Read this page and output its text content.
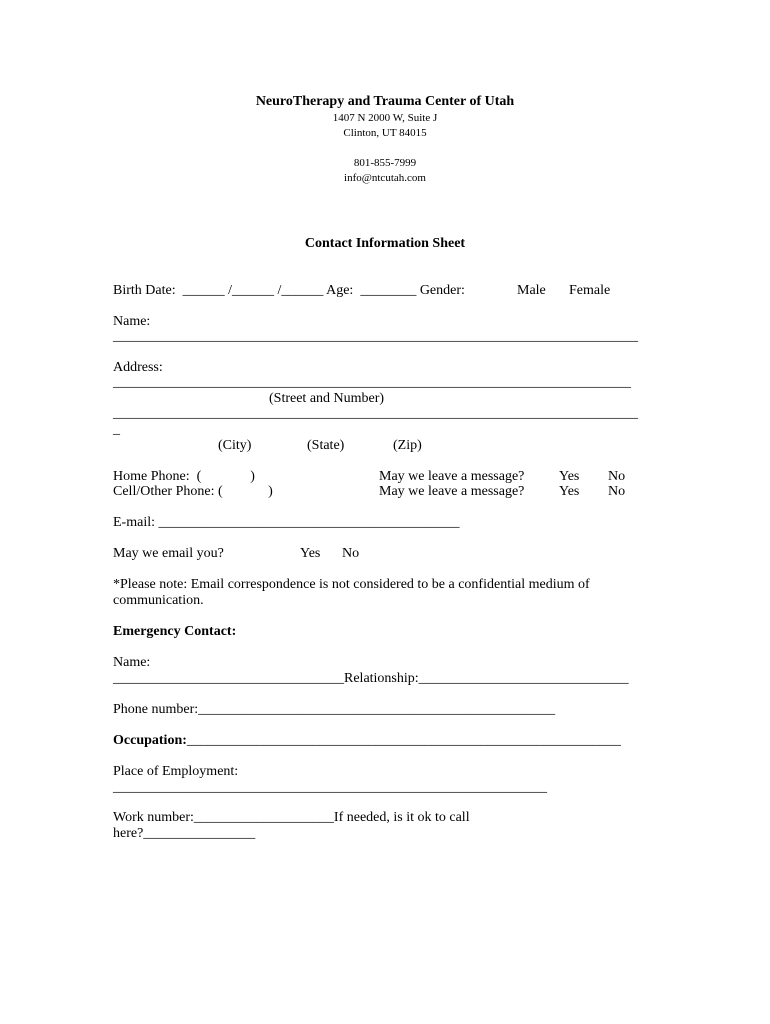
NeuroTherapy and Trauma Center of Utah
1407 N 2000 W, Suite J
Clinton, UT 84015
801-855-7999
info@ntcutah.com
Contact Information Sheet
Birth Date:  ______ /______ /______ Age:  ________ Gender:	Male Female
Name:
___________________________________________________________________________
Address:
__________________________________________________________________________
(Street and Number)
___________________________________________________________________________
_
(City)	(State)	(Zip)
Home Phone:  (              )	May we leave a message? Yes No
Cell/Other Phone: (             )	May we leave a message? Yes No
E-mail: ___________________________________________
May we email you?	Yes No
*Please note: Email correspondence is not considered to be a confidential medium of
communication.
Emergency Contact:
Name:
_________________________________Relationship:______________________________
Phone number:___________________________________________________
Occupation:______________________________________________________________
Place of Employment:
______________________________________________________________
Work number:____________________If needed, is it ok to call
here?________________
